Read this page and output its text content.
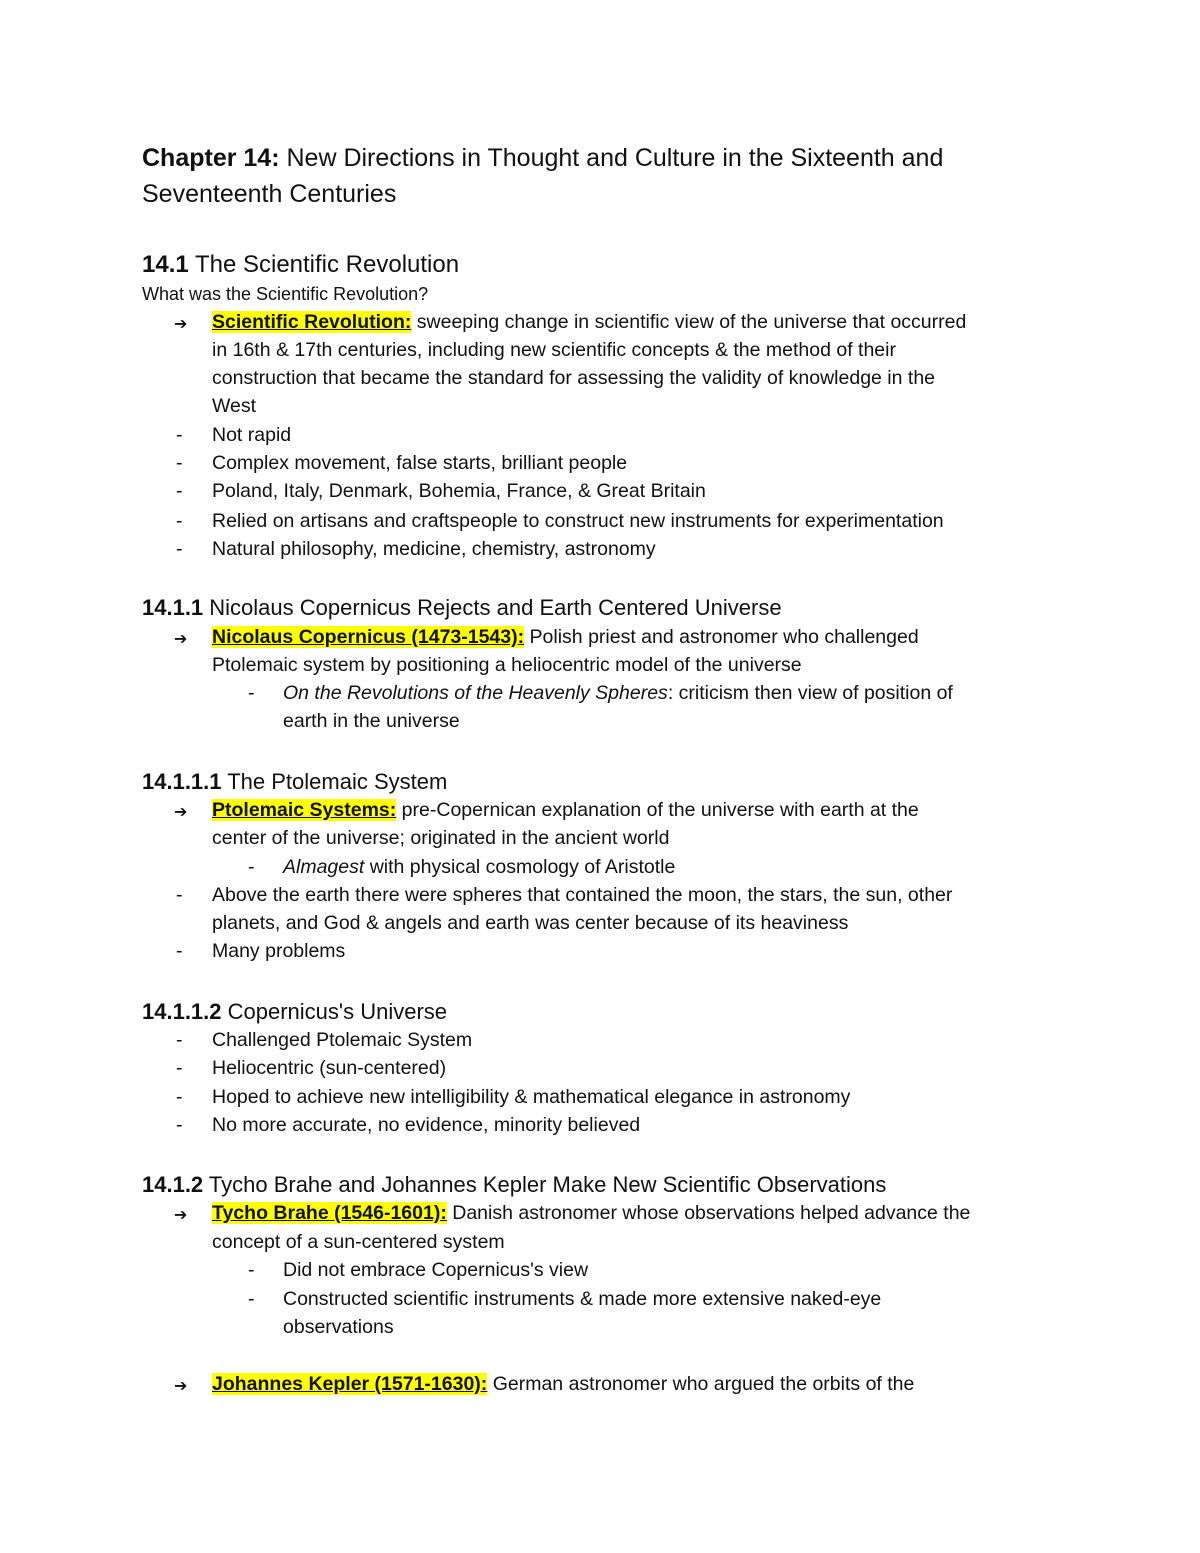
Chapter 14: New Directions in Thought and Culture in the Sixteenth and
Seventeenth Centuries
14.1 The Scientific Revolution
What was the Scientific Revolution?
➔ Scientific Revolution: sweeping change in scientific view of the universe that occurred
in 16th & 17th centuries, including new scientific concepts & the method of their
construction that became the standard for assessing the validity of knowledge in the
West
- Not rapid
- Complex movement, false starts, brilliant people
- Poland, Italy, Denmark, Bohemia, France, & Great Britain
- Relied on artisans and craftspeople to construct new instruments for experimentation
- Natural philosophy, medicine, chemistry, astronomy
14.1.1 Nicolaus Copernicus Rejects and Earth Centered Universe
➔ Nicolaus Copernicus (1473-1543): Polish priest and astronomer who challenged
Ptolemaic system by positioning a heliocentric model of the universe
- On the Revolutions of the Heavenly Spheres: criticism then view of position of
earth in the universe
14.1.1.1 The Ptolemaic System
➔ Ptolemaic Systems: pre-Copernican explanation of the universe with earth at the
center of the universe; originated in the ancient world
- Almagest with physical cosmology of Aristotle
- Above the earth there were spheres that contained the moon, the stars, the sun, other
planets, and God & angels and earth was center because of its heaviness
- Many problems
14.1.1.2 Copernicus's Universe
- Challenged Ptolemaic System
- Heliocentric (sun-centered)
- Hoped to achieve new intelligibility & mathematical elegance in astronomy
- No more accurate, no evidence, minority believed
14.1.2 Tycho Brahe and Johannes Kepler Make New Scientific Observations
➔ Tycho Brahe (1546-1601): Danish astronomer whose observations helped advance the
concept of a sun-centered system
- Did not embrace Copernicus's view
- Constructed scientific instruments & made more extensive naked-eye
observations
➔ Johannes Kepler (1571-1630): German astronomer who argued the orbits of the
